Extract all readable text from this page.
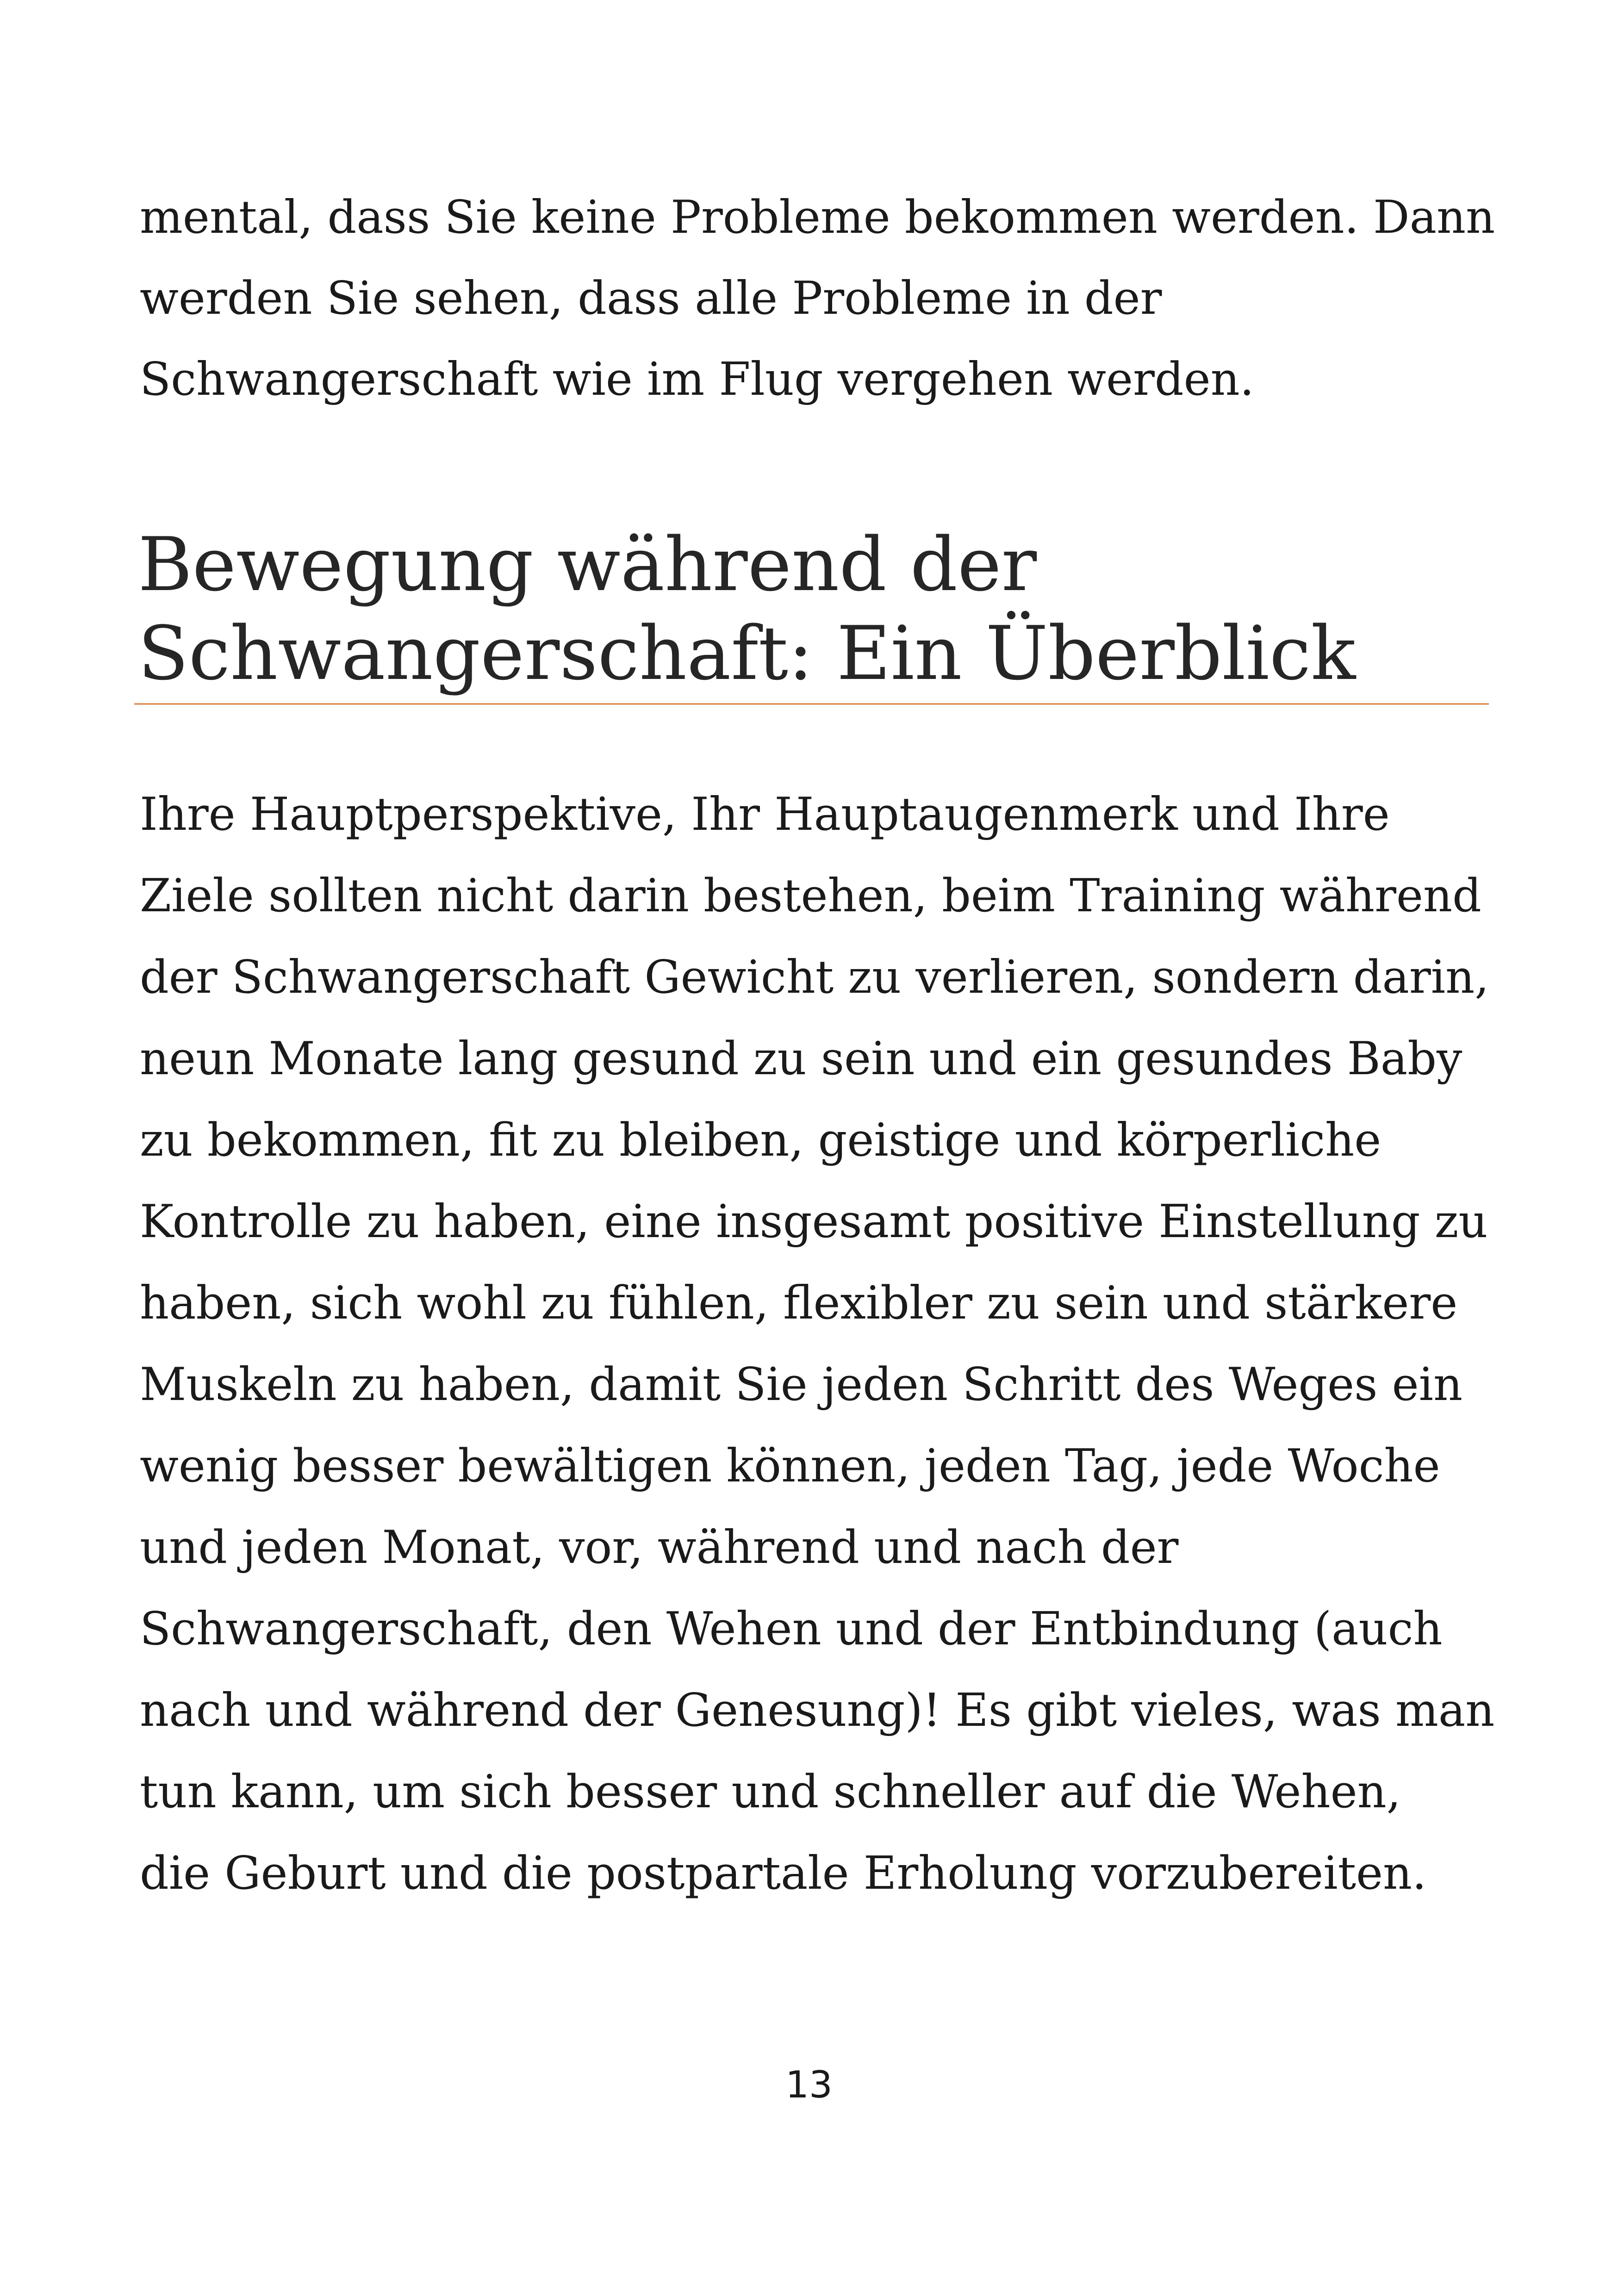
mental, dass Sie keine Probleme bekommen werden. Dann
werden Sie sehen, dass alle Probleme in der
Schwangerschaft wie im Flug vergehen werden.
Bewegung während der
Schwangerschaft: Ein Überblick
Ihre Hauptperspektive, Ihr Hauptaugenmerk und Ihre
Ziele sollten nicht darin bestehen, beim Training während
der Schwangerschaft Gewicht zu verlieren, sondern darin,
neun Monate lang gesund zu sein und ein gesundes Baby
zu bekommen, fit zu bleiben, geistige und körperliche
Kontrolle zu haben, eine insgesamt positive Einstellung zu
haben, sich wohl zu fühlen, flexibler zu sein und stärkere
Muskeln zu haben, damit Sie jeden Schritt des Weges ein
wenig besser bewältigen können, jeden Tag, jede Woche
und jeden Monat, vor, während und nach der
Schwangerschaft, den Wehen und der Entbindung (auch
nach und während der Genesung)! Es gibt vieles, was man
tun kann, um sich besser und schneller auf die Wehen,
die Geburt und die postpartale Erholung vorzubereiten.
13
